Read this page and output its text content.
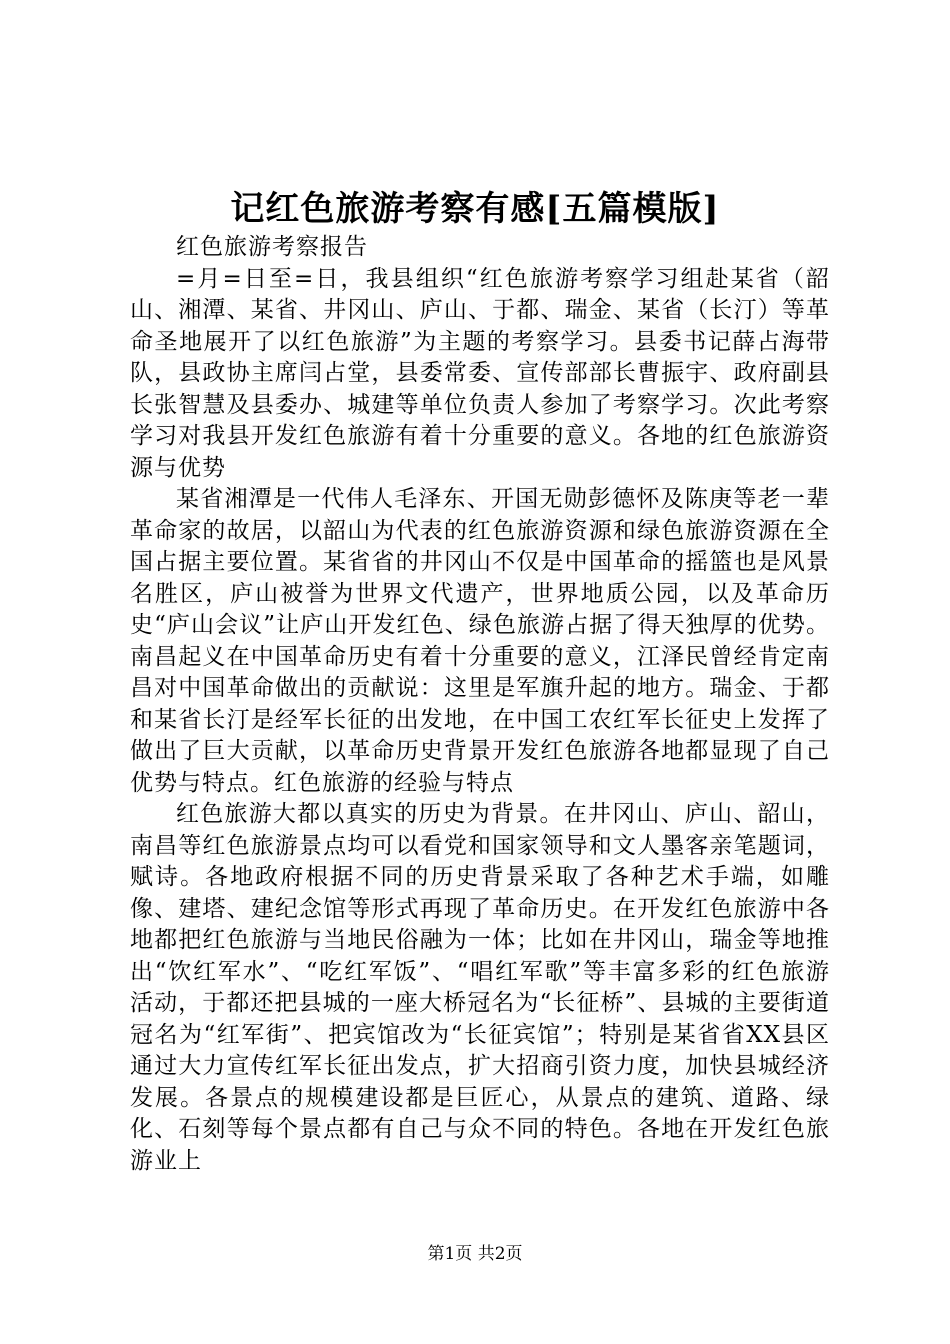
记红色旅游考察有感[五篇模版]

红色旅游考察报告

=月=日至=日，我县组织“红色旅游考察学习组赴某省（韶山、湘潭、某省、井冈山、庐山、于都、瑞金、某省（长汀）等革命圣地展开了以红色旅游”为主题的考察学习。县委书记薛占海带队，县政协主席闫占堂，县委常委、宣传部部长曹振宇、政府副县长张智慧及县委办、城建等单位负责人参加了考察学习。次此考察学习对我县开发红色旅游有着十分重要的意义。各地的红色旅游资源与优势

某省湘潭是一代伟人毛泽东、开国无勋彭德怀及陈庚等老一辈革命家的故居，以韶山为代表的红色旅游资源和绿色旅游资源在全国占据主要位置。某省省的井冈山不仅是中国革命的摇篮也是风景名胜区，庐山被誉为世界文代遗产，世界地质公园，以及革命历史“庐山会议”让庐山开发红色、绿色旅游占据了得天独厚的优势。南昌起义在中国革命历史有着十分重要的意义，江泽民曾经肯定南昌对中国革命做出的贡献说：这里是军旗升起的地方。瑞金、于都和某省长汀是经军长征的出发地，在中国工农红军长征史上发挥了做出了巨大贡献，以革命历史背景开发红色旅游各地都显现了自己优势与特点。红色旅游的经验与特点

红色旅游大都以真实的历史为背景。在井冈山、庐山、韶山，南昌等红色旅游景点均可以看党和国家领导和文人墨客亲笔题词，赋诗。各地政府根据不同的历史背景采取了各种艺术手端，如雕像、建塔、建纪念馆等形式再现了革命历史。在开发红色旅游中各地都把红色旅游与当地民俗融为一体；比如在井冈山，瑞金等地推出“饮红军水”、“吃红军饭”、“唱红军歌”等丰富多彩的红色旅游活动，于都还把县城的一座大桥冠名为“长征桥”、县城的主要街道冠名为“红军街”、把宾馆改为“长征宾馆”；特别是某省省XX县区通过大力宣传红军长征出发点，扩大招商引资力度，加快县城经济发展。各景点的规模建设都是巨匠心，从景点的建筑、道路、绿化、石刻等每个景点都有自己与众不同的特色。各地在开发红色旅游业上

第1页 共2页
